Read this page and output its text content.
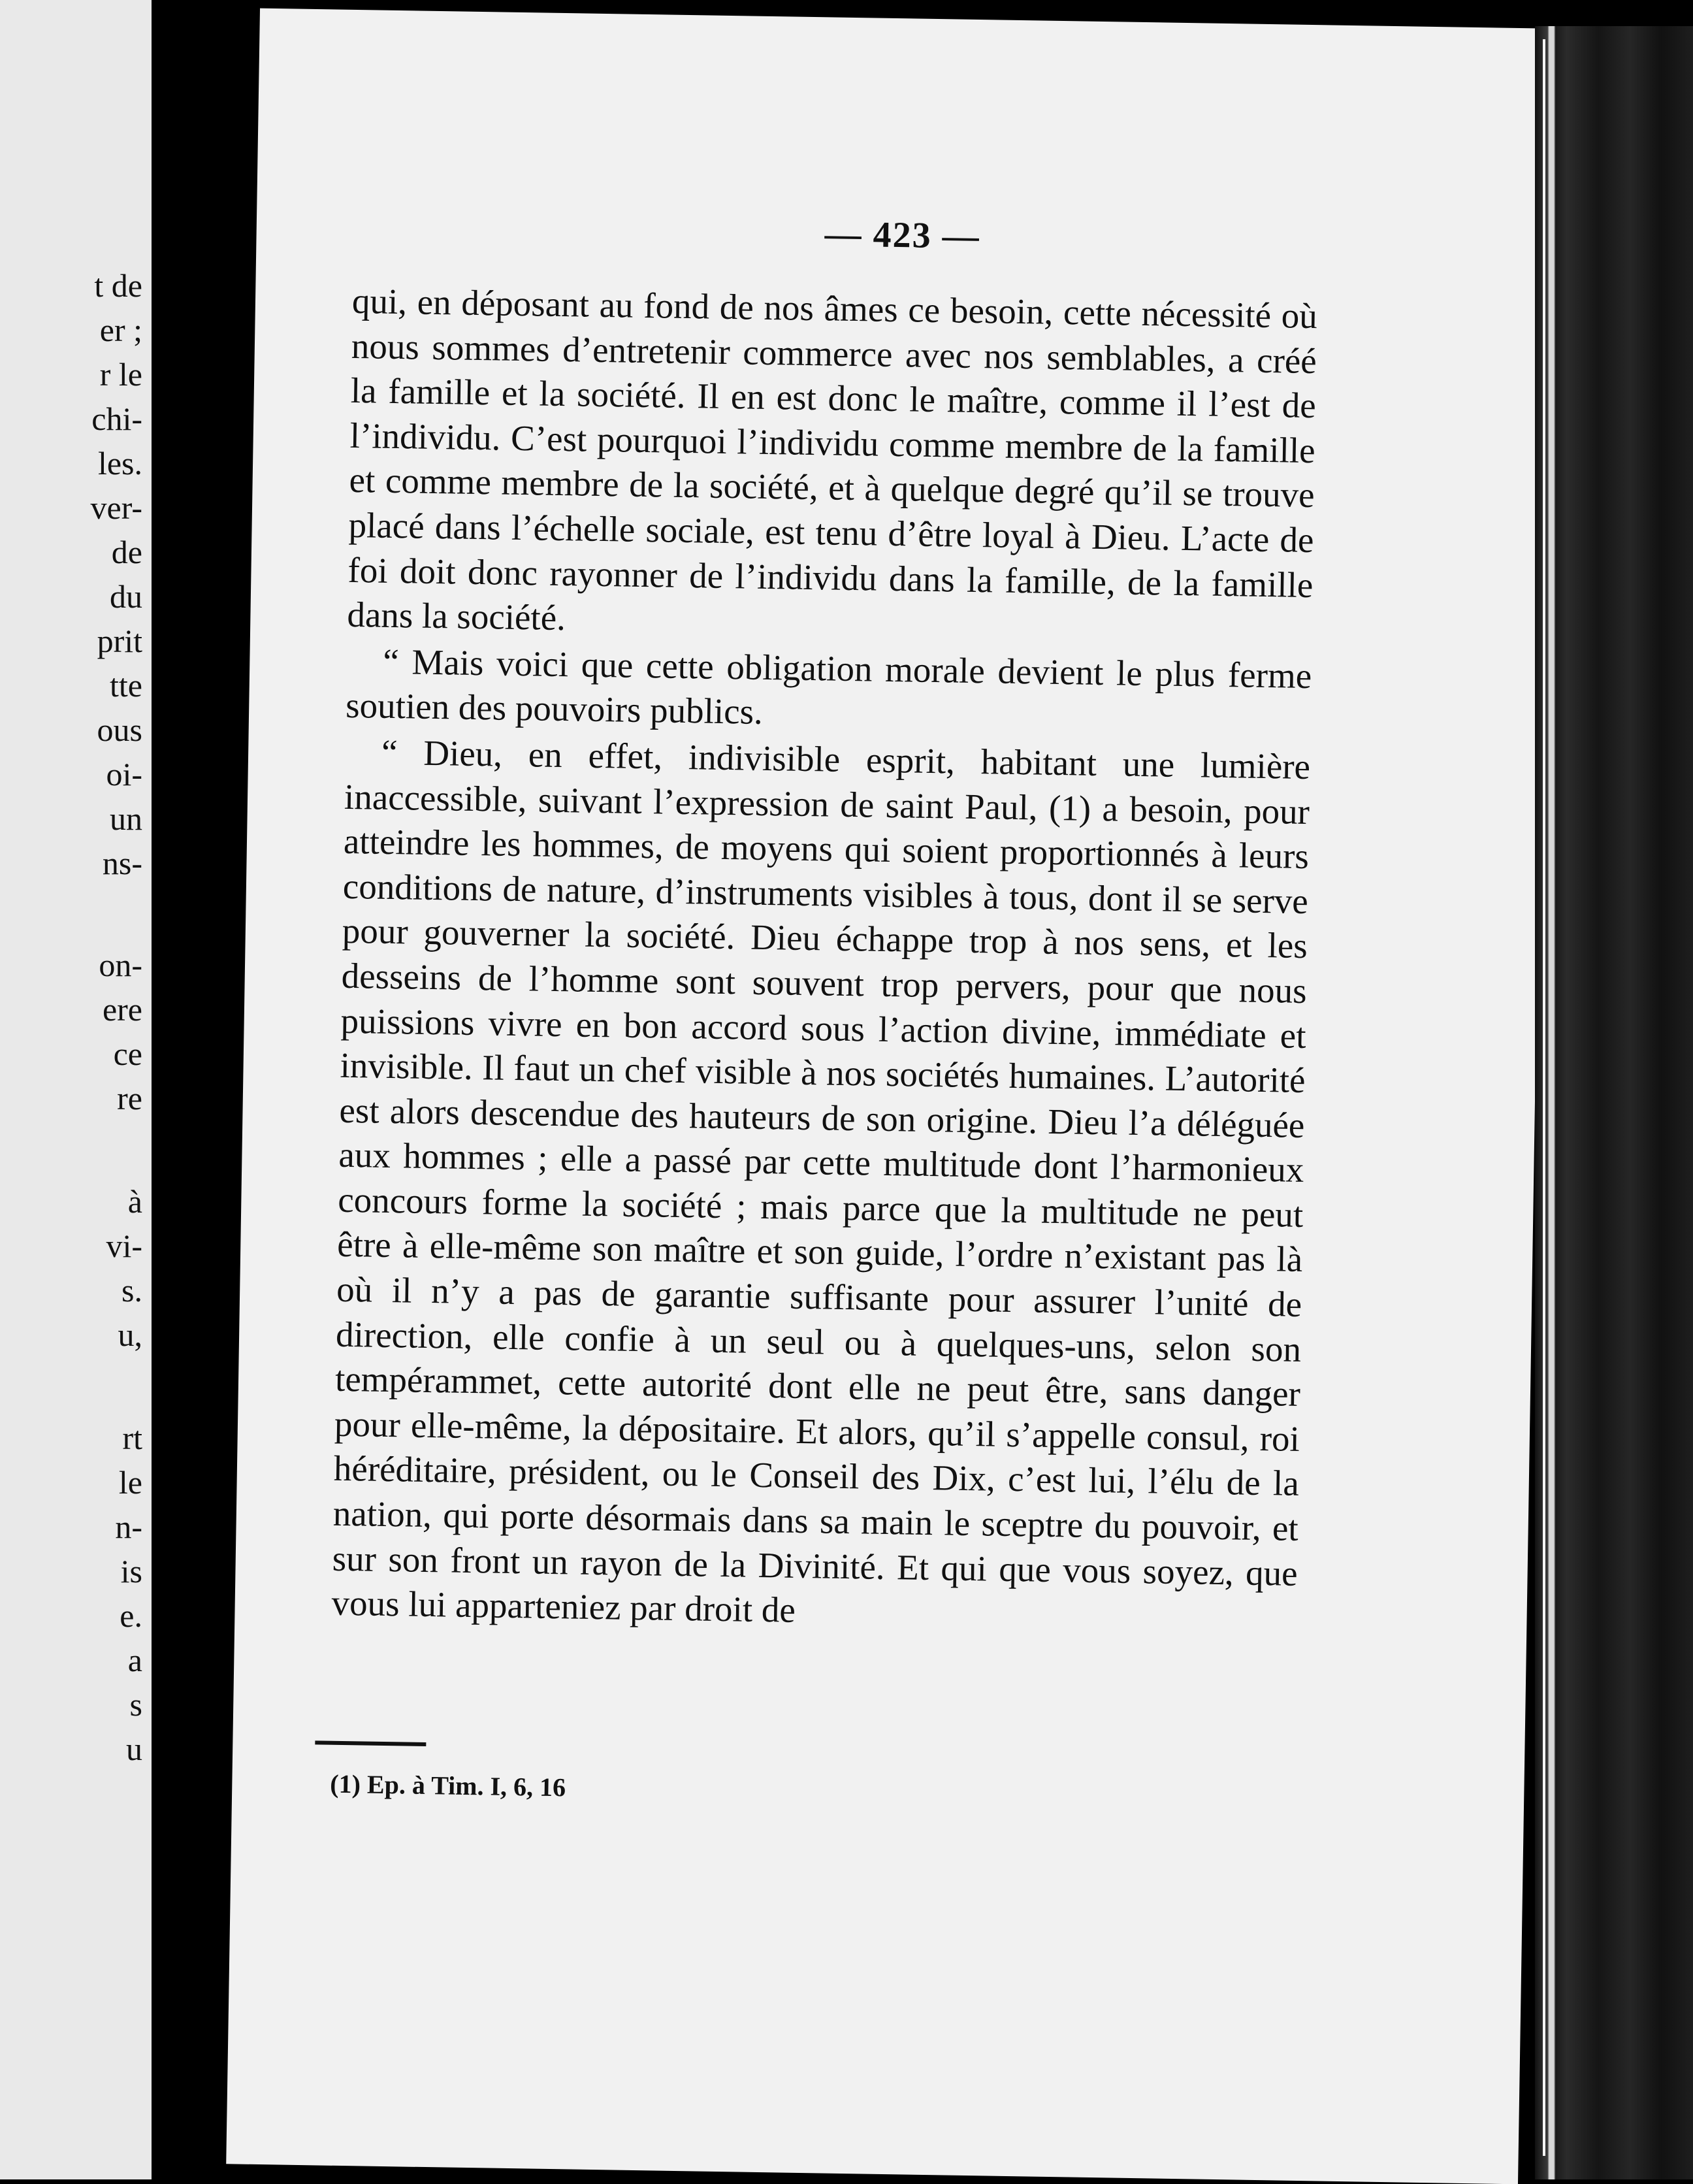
t de
er ;
r le
chi-
les.
ver-
de
du
prit
tte
ous
oi-
un
ns-
on-
ere
ce
re
à
vi-
s.
u,
rt
le
n-
is
e.
a
s
u
— 423 —

qui, en déposant au fond de nos âmes ce besoin, cette nécessité où nous sommes d’entretenir commerce avec nos semblables, a créé la famille et la société. Il en est donc le maître, comme il l’est de l’individu. C’est pourquoi l’individu comme membre de la famille et comme membre de la société, et à quelque degré qu’il se trouve placé dans l’échelle sociale, est tenu d’être loyal à Dieu. L’acte de foi doit donc rayonner de l’individu dans la famille, de la famille dans la société.

“ Mais voici que cette obligation morale devient le plus ferme soutien des pouvoirs publics.

“ Dieu, en effet, indivisible esprit, habitant une lumière inaccessible, suivant l’expression de saint Paul, (1) a besoin, pour atteindre les hommes, de moyens qui soient proportionnés à leurs conditions de nature, d’instruments visibles à tous, dont il se serve pour gouverner la société. Dieu échappe trop à nos sens, et les desseins de l’homme sont souvent trop pervers, pour que nous puissions vivre en bon accord sous l’action divine, immédiate et invisible. Il faut un chef visible à nos sociétés humaines. L’autorité est alors descendue des hauteurs de son origine. Dieu l’a déléguée aux hommes ; elle a passé par cette multitude dont l’harmonieux concours forme la société ; mais parce que la multitude ne peut être à elle-même son maître et son guide, l’ordre n’existant pas là où il n’y a pas de garantie suffisante pour assurer l’unité de direction, elle confie à un seul ou à quelques-uns, selon son tempérammet, cette autorité dont elle ne peut être, sans danger pour elle-même, la dépositaire. Et alors, qu’il s’appelle consul, roi héréditaire, président, ou le Conseil des Dix, c’est lui, l’élu de la nation, qui porte désormais dans sa main le sceptre du pouvoir, et sur son front un rayon de la Divinité. Et qui que vous soyez, que vous lui apparteniez par droit de

(1) Ep. à Tim. I, 6, 16
